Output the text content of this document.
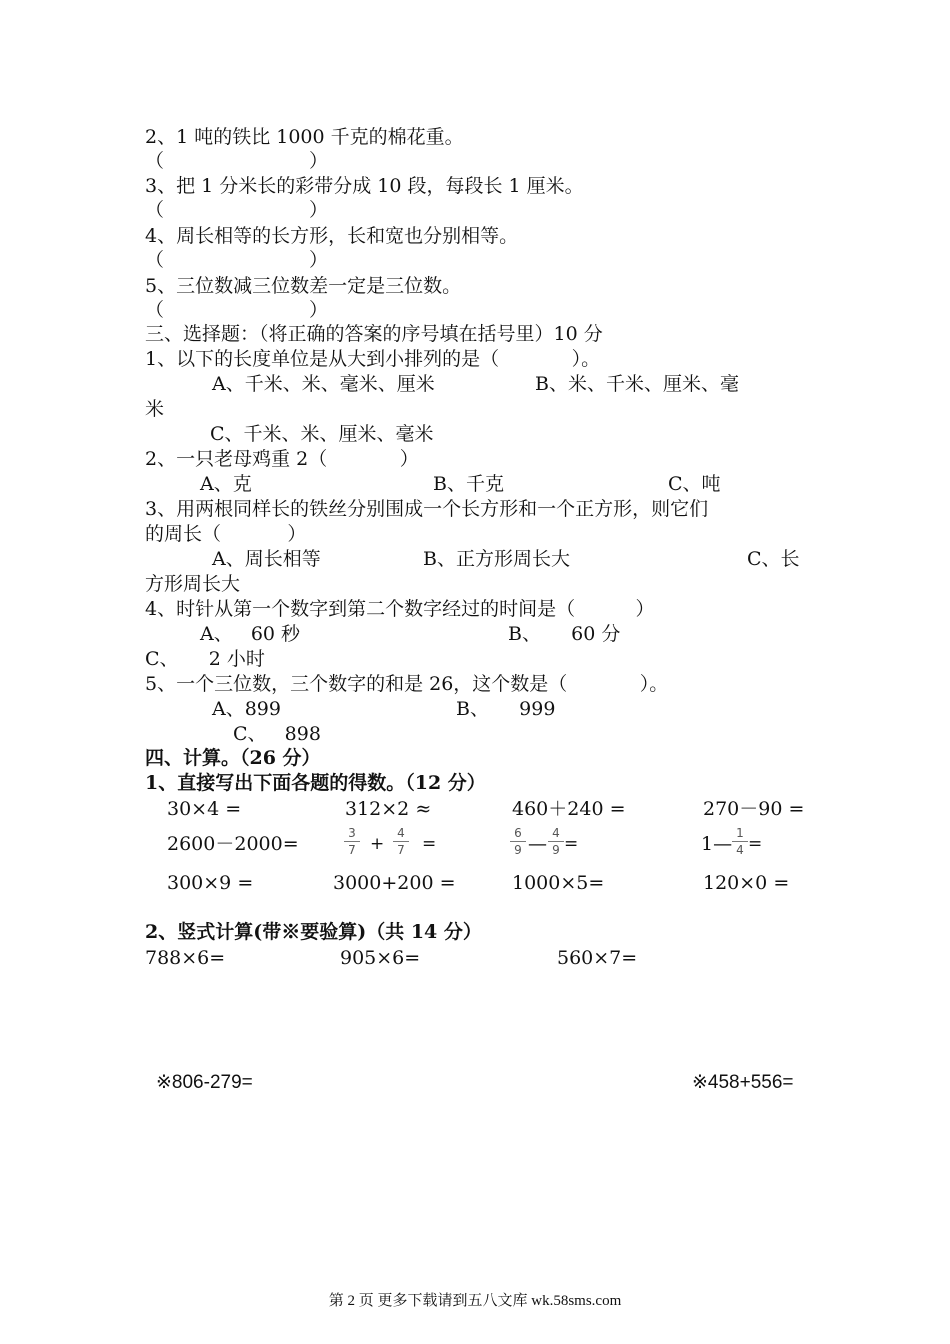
2、1 吨的铁比 1000 千克的棉花重。
（                        ）
3、把 1 分米长的彩带分成 10 段，每段长 1 厘米。
（                        ）
4、周长相等的长方形，长和宽也分别相等。
（                        ）
5、三位数减三位数差一定是三位数。
（                        ）
三、选择题：（将正确的答案的序号填在括号里）10 分
1、以下的长度单位是从大到小排列的是（            ）。
A、千米、米、毫米、厘米	B、米、千米、厘米、毫
米
C、千米、米、厘米、毫米
2、一只老母鸡重 2（            ）
A、克	B、千克	C、吨
3、用两根同样长的铁丝分别围成一个长方形和一个正方形，则它们
的周长（           ）
A、周长相等	B、正方形周长大	C、长
方形周长大
4、时针从第一个数字到第二个数字经过的时间是（          ）
A、   60 秒	B、     60 分
C、     2 小时
5、一个三位数，三个数字的和是 26，这个数是（            ）。
A、899	B、     999
C、   898
四、计算。（26 分）
1、直接写出下面各题的得数。（12 分）
30×4 =	312×2 ≈	460＋240 =	270－90 =
2600－2000=	$\frac{3}{7} + \frac{4}{7}$ =	$\frac{6}{9}$ — $\frac{4}{9}$ =	1— $\frac{1}{4}$ =
300×9 =	3000+200 =	1000×5=	120×0 =
2、竖式计算(带※要验算)（共 14 分）
788×6=	905×6=	560×7=
※806-279=	※458+556=
第 2 页 更多下载请到五八文库 wk.58sms.com
